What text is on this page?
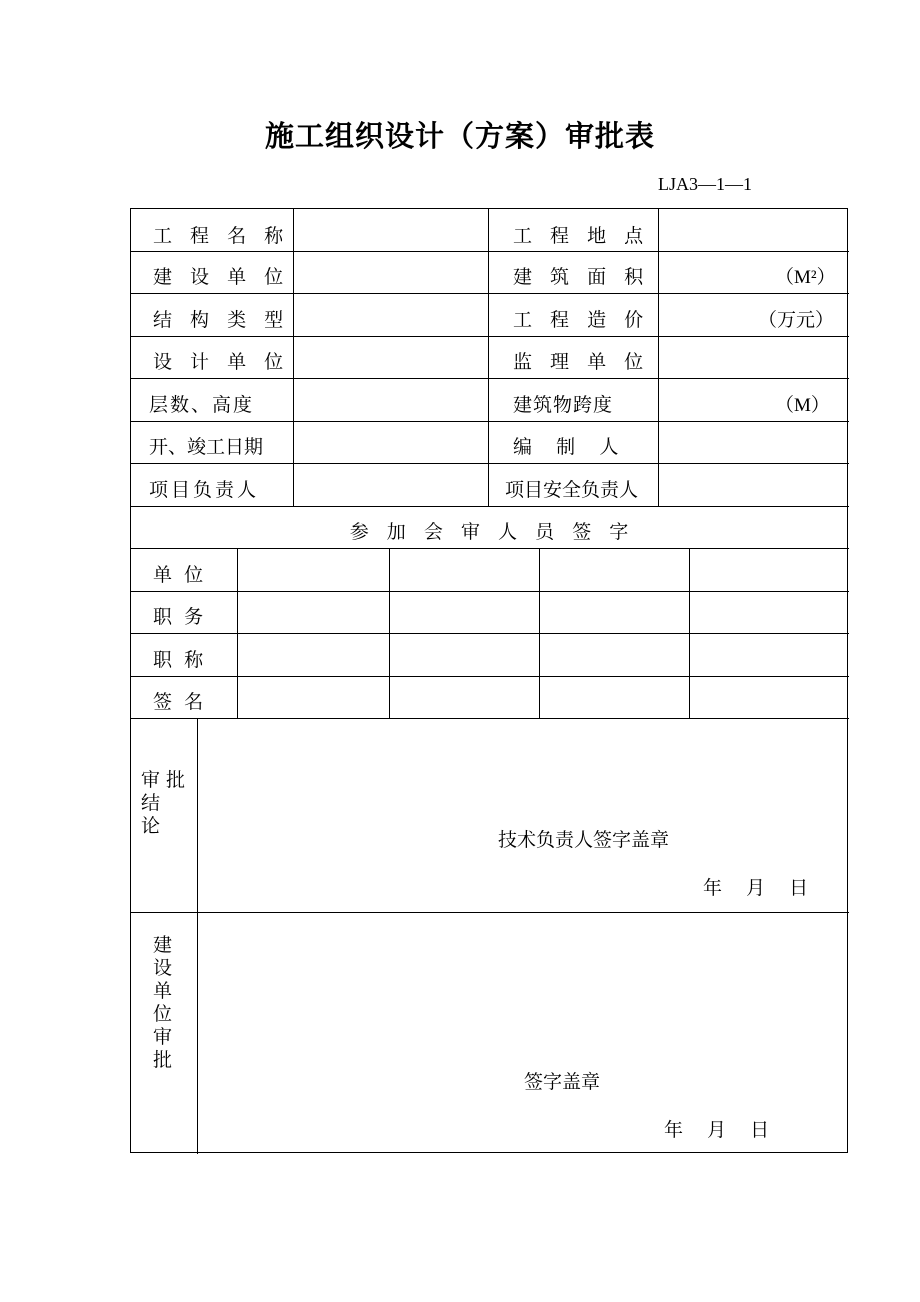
施工组织设计（方案）审批表
LJA3—1—1
工 程 名 称	工 程 地 点
建 设 单 位	建 筑 面 积	（M²）
结 构 类 型	工 程 造 价	（万元）
设 计 单 位	监 理 单 位
层数、高度	建筑物跨度	（M）
开、竣工日期	编    制    人
项目负责人	项目安全负责人
参  加  会  审  人  员  签  字
单  位
职  务
职  称
签  名
审 批
结
论
技术负责人签字盖章
年  月  日
建
设
单
位
审
批
签字盖章
年  月  日
